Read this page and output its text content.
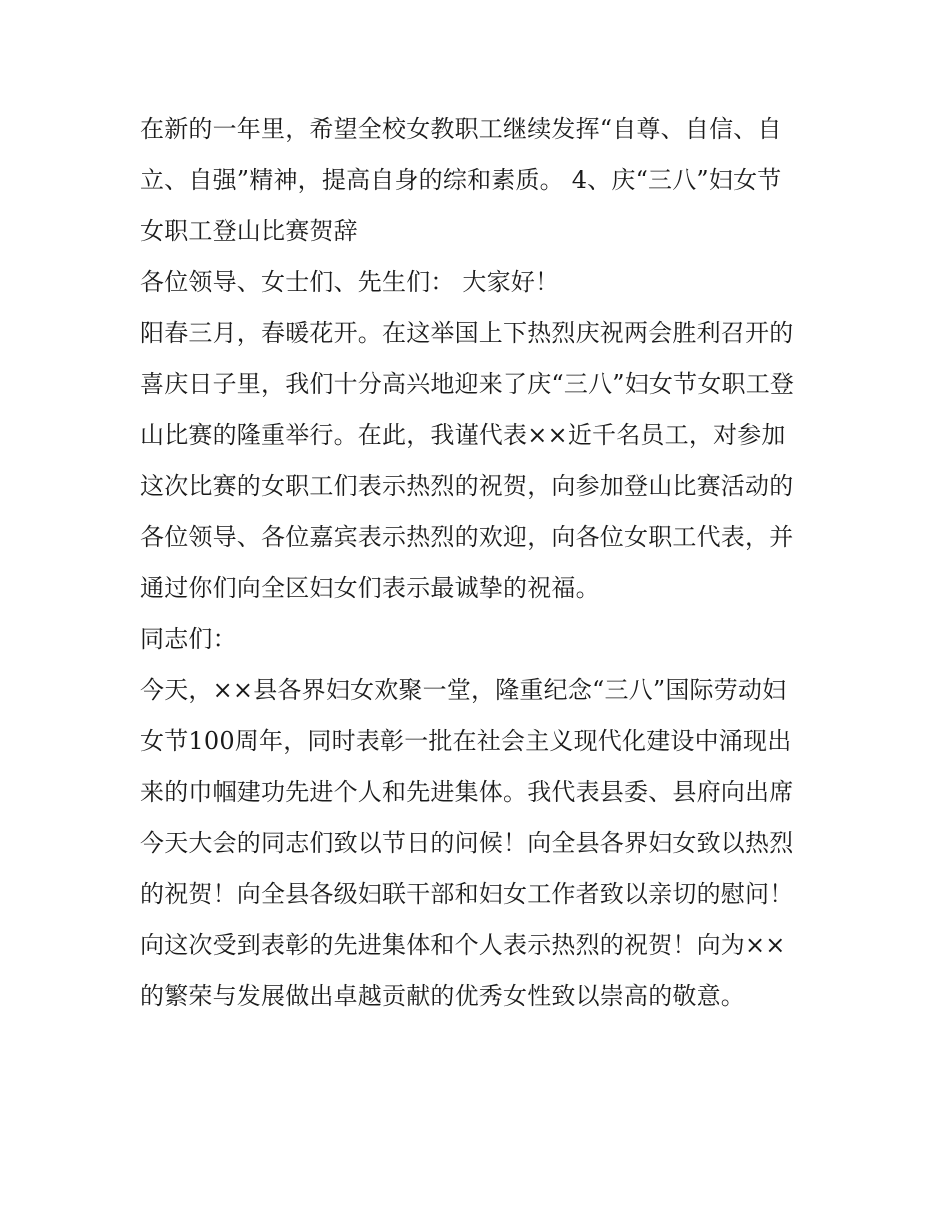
在新的一年里，希望全校女教职工继续发挥“自尊、自信、自
立、自强”精神，提高自身的综和素质。 4、庆“三八”妇女节
女职工登山比赛贺辞
各位领导、女士们、先生们： 大家好！
阳春三月，春暖花开。在这举国上下热烈庆祝两会胜利召开的
喜庆日子里，我们十分高兴地迎来了庆“三八”妇女节女职工登
山比赛的隆重举行。在此，我谨代表××近千名员工，对参加
这次比赛的女职工们表示热烈的祝贺，向参加登山比赛活动的
各位领导、各位嘉宾表示热烈的欢迎，向各位女职工代表，并
通过你们向全区妇女们表示最诚挚的祝福。
同志们：
今天，××县各界妇女欢聚一堂，隆重纪念“三八”国际劳动妇
女节100周年，同时表彰一批在社会主义现代化建设中涌现出
来的巾帼建功先进个人和先进集体。我代表县委、县府向出席
今天大会的同志们致以节日的问候！向全县各界妇女致以热烈
的祝贺！向全县各级妇联干部和妇女工作者致以亲切的慰问！
向这次受到表彰的先进集体和个人表示热烈的祝贺！向为××
的繁荣与发展做出卓越贡献的优秀女性致以崇高的敬意。
